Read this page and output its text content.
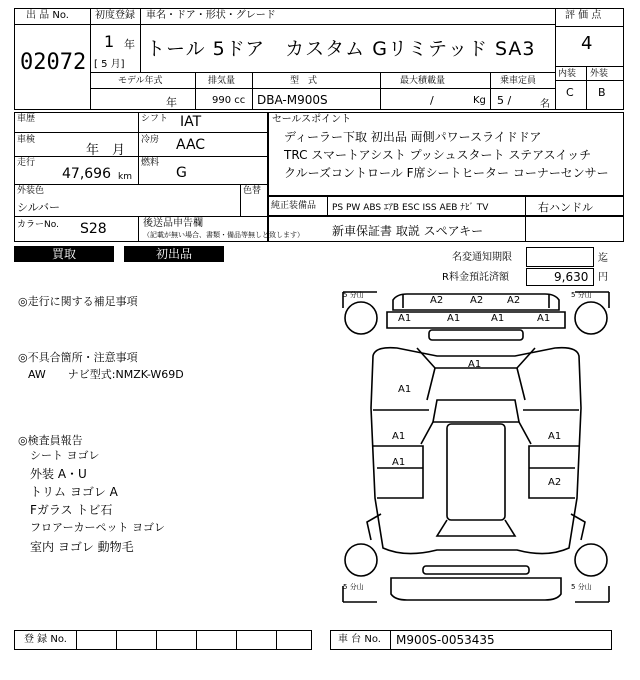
出 品 No.
02072
初度登録
1 年
[ 5 月]
車名・ドア・形状・グレード
トール 5ドア　カスタム Gリミテッド SA3
評 価 点
4
内装 外装
C B
モデル年式
年
排気量
990 cc
型　式
DBA-M900S
最大積載量
/	Kg
乗車定員
5 /	名
車歴
車検
年　月
走行
47,696 km
シフト IAT
冷房 AAC
燃料
G
外装色
シルバー
色替
カラーNo. S28	後送品申告欄
（記載が無い場合、書類・備品等無しと致します）
セールスポイント
ディーラー下取 初出品 両側パワースライドドア
TRC スマートアシスト プッシュスタート ステアスイッチ
クルーズコントロール F席シートヒーター コーナーセンサー
純正装備品 PS PW ABS ｴｱB ESC ISS AEB ﾅﾋﾞ TV	右ハンドル
新車保証書 取説 スペアキー
買取	初出品	名変通知期限	迄
R料金預託済額	9,630 円
◎走行に関する補足事項
◎不具合箇所・注意事項
AW　　ナビ型式:NMZK-W69D
◎検査員報告
シート ヨゴレ
外装 A・U
トリム ヨゴレ A
Fガラス トビ石
フロアーカーペット ヨゴレ
室内 ヨゴレ 動物毛
5 分山	5 分山
5 分山	5 分山
A2	A2 A2
A1	A1	A1	A1
A1
A1
A1	A1
A1
A2
登 録 No.	車 台 No. M900S-0053435
